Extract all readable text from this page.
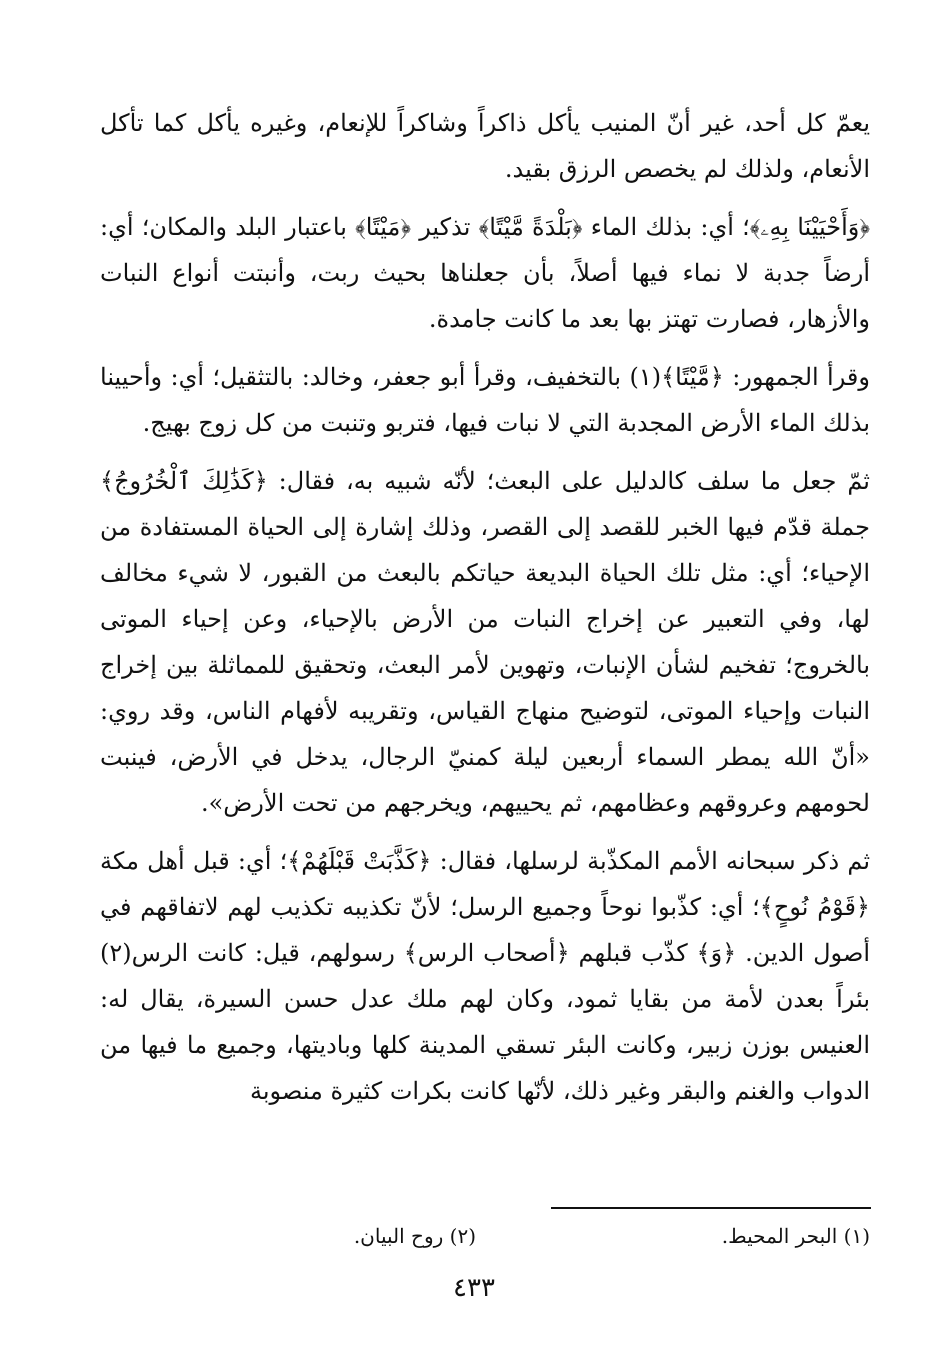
يعمّ كل أحد، غير أنّ المنيب يأكل ذاكراً وشاكراً للإنعام، وغيره يأكل كما تأكل الأنعام، ولذلك لم يخصص الرزق بقيد.

﴿وَأَحْيَيْنَا بِهِۦ﴾؛ أي: بذلك الماء ﴿بَلْدَةً مَّيْتًا﴾ تذكير ﴿مَيْتًا﴾ باعتبار البلد والمكان؛ أي: أرضاً جدبة لا نماء فيها أصلاً، بأن جعلناها بحيث ربت، وأنبتت أنواع النبات والأزهار، فصارت تهتز بها بعد ما كانت جامدة.

وقرأ الجمهور: ﴿مَّيْتًا﴾(١) بالتخفيف، وقرأ أبو جعفر، وخالد: بالتثقيل؛ أي: وأحيينا بذلك الماء الأرض المجدبة التي لا نبات فيها، فتربو وتنبت من كل زوج بهيج.

ثمّ جعل ما سلف كالدليل على البعث؛ لأنّه شبيه به، فقال: ﴿كَذَٰلِكَ ٱلْخُرُوجُ﴾ جملة قدّم فيها الخبر للقصد إلى القصر، وذلك إشارة إلى الحياة المستفادة من الإحياء؛ أي: مثل تلك الحياة البديعة حياتكم بالبعث من القبور، لا شيء مخالف لها، وفي التعبير عن إخراج النبات من الأرض بالإحياء، وعن إحياء الموتى بالخروج؛ تفخيم لشأن الإنبات، وتهوين لأمر البعث، وتحقيق للمماثلة بين إخراج النبات وإحياء الموتى، لتوضيح منهاج القياس، وتقريبه لأفهام الناس، وقد روي: «أنّ الله يمطر السماء أربعين ليلة كمنيّ الرجال، يدخل في الأرض، فينبت لحومهم وعروقهم وعظامهم، ثم يحييهم، ويخرجهم من تحت الأرض».

ثم ذكر سبحانه الأمم المكذّبة لرسلها، فقال: ﴿كَذَّبَتْ قَبْلَهُمْ﴾؛ أي: قبل أهل مكة ﴿قَوْمُ نُوحٍ﴾؛ أي: كذّبوا نوحاً وجميع الرسل؛ لأنّ تكذيبه تكذيب لهم لاتفاقهم في أصول الدين. ﴿وَ﴾ كذّب قبلهم ﴿أصحاب الرس﴾ رسولهم، قيل: كانت الرس(٢) بئراً بعدن لأمة من بقايا ثمود، وكان لهم ملك عدل حسن السيرة، يقال له: العنيس بوزن زبير، وكانت البئر تسقي المدينة كلها وباديتها، وجميع ما فيها من الدواب والغنم والبقر وغير ذلك، لأنّها كانت بكرات كثيرة منصوبة

(١) البحر المحيط.
(٢) روح البيان.
٤٣٣
